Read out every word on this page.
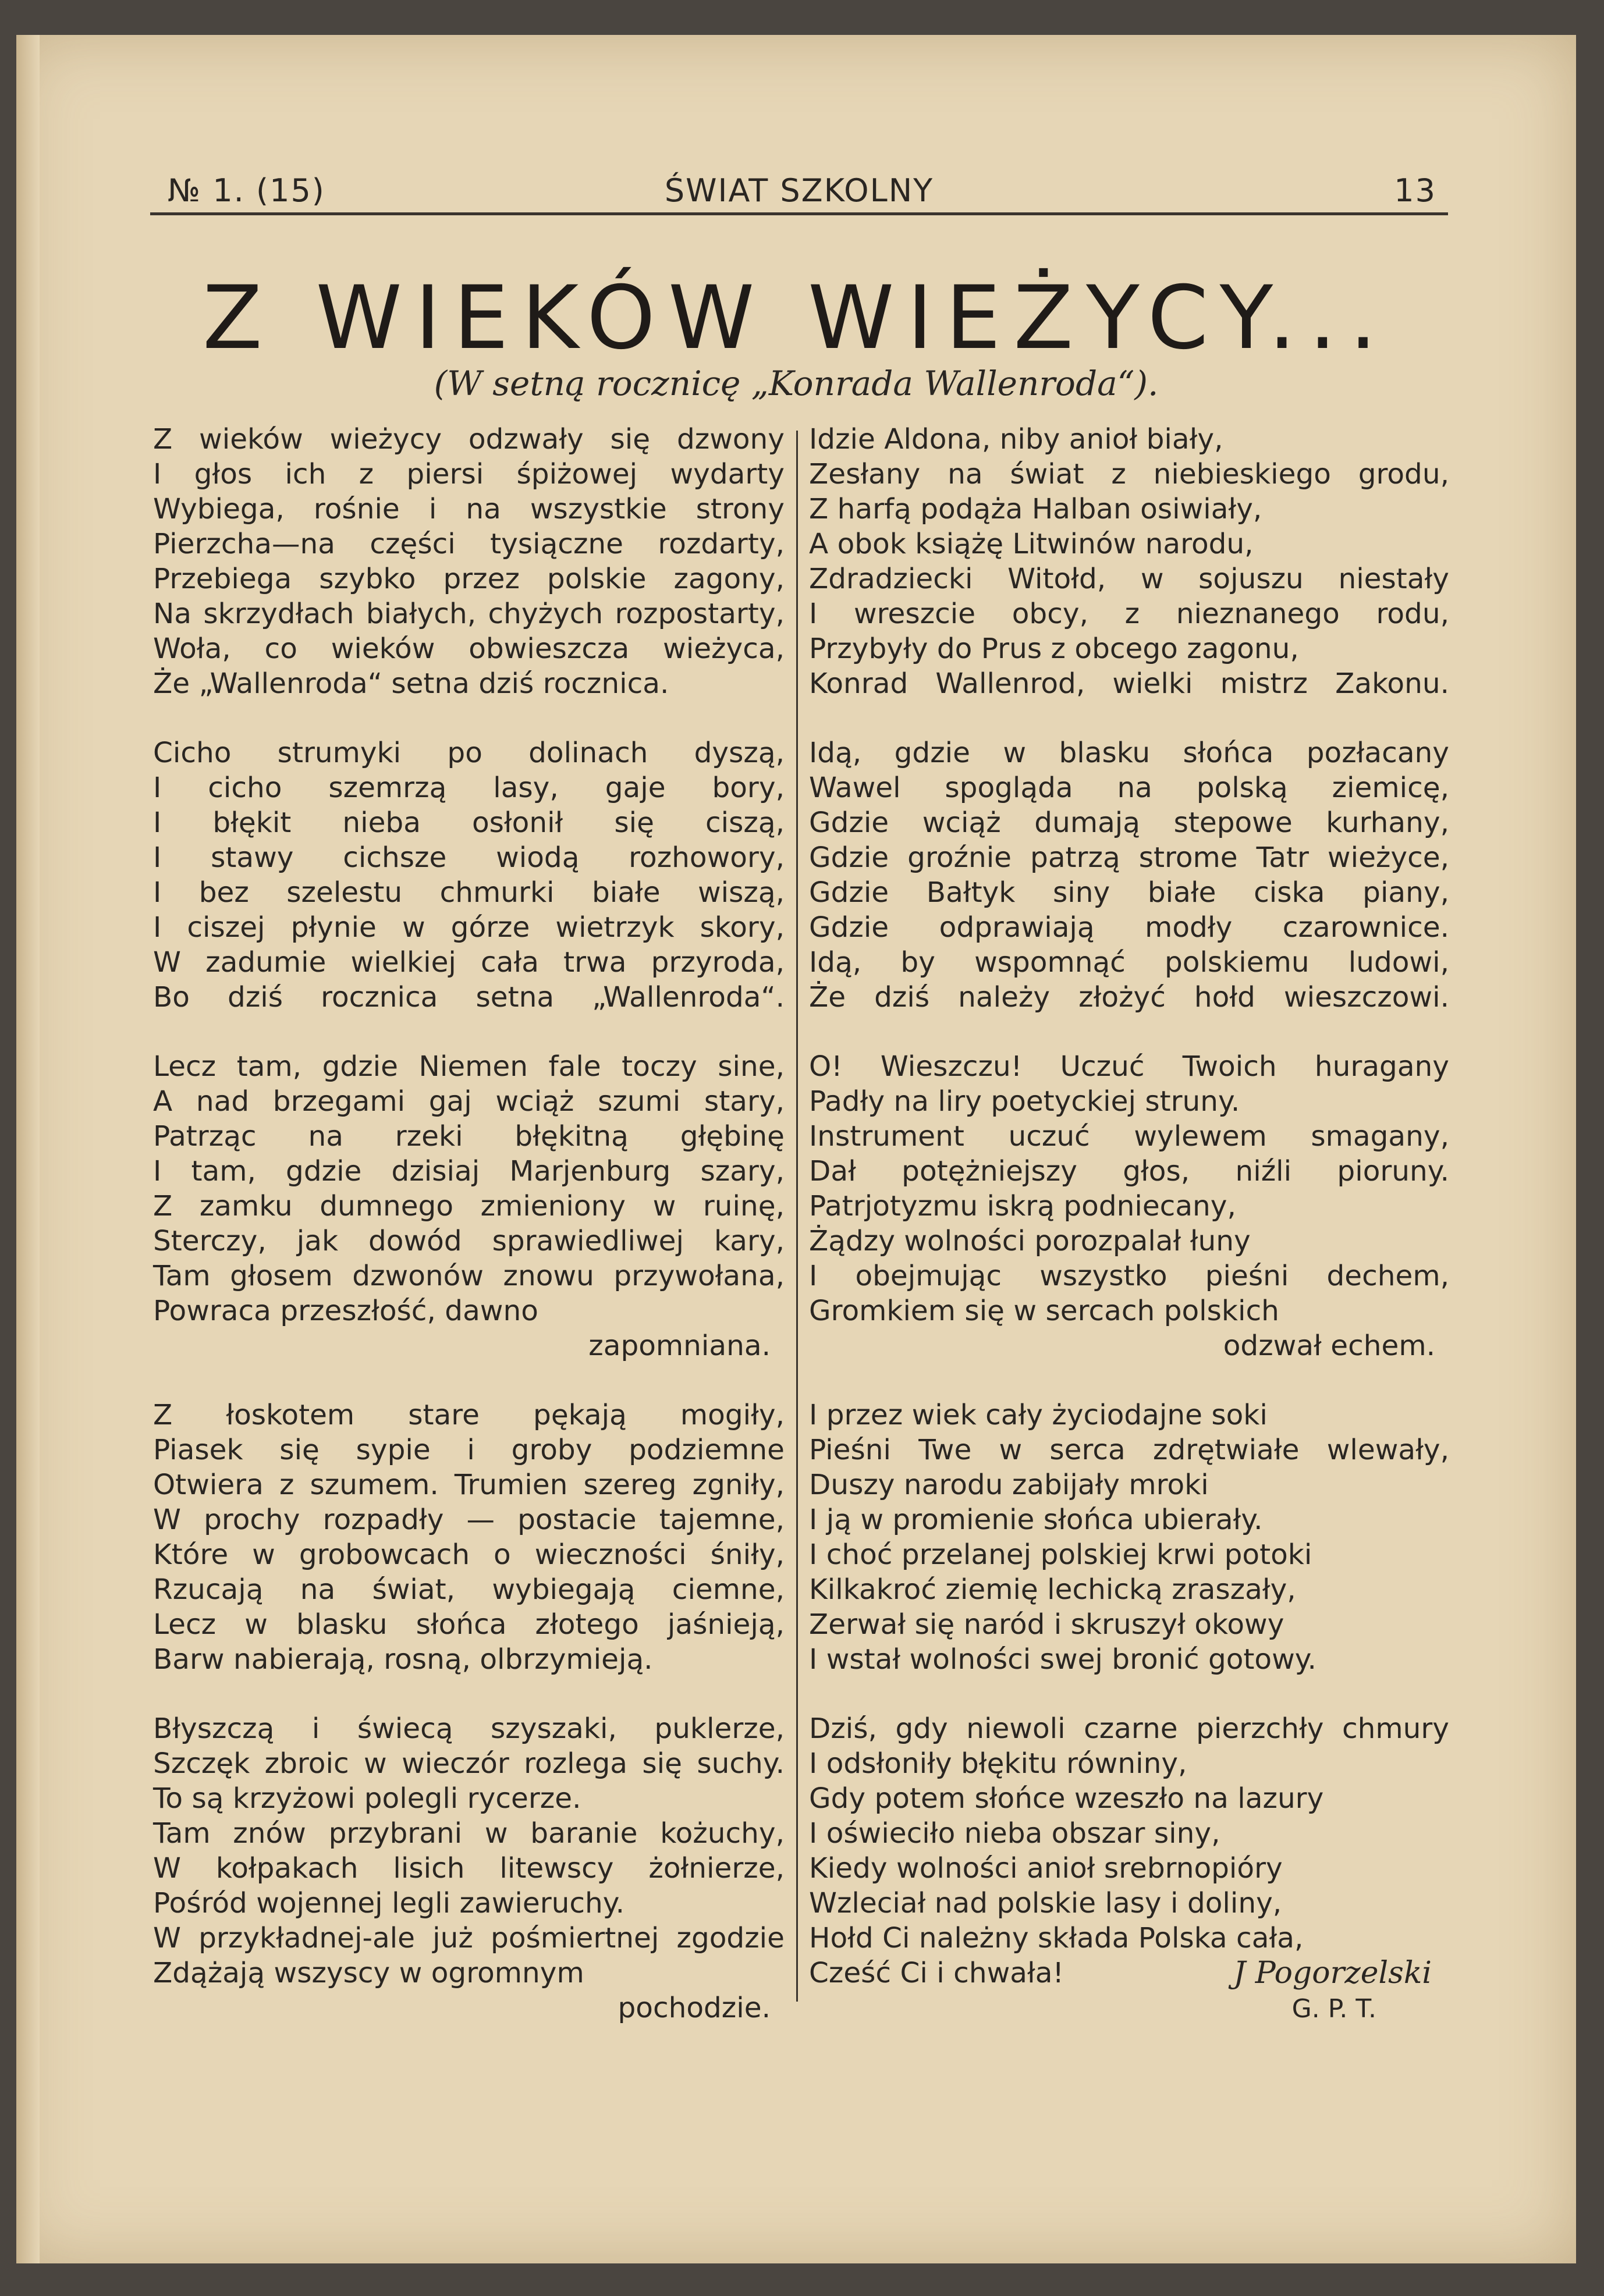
№ 1. (15)	ŚWIAT SZKOLNY	13
Z WIEKÓW WIEŻYCY...
(W setną rocznicę „Konrada Wallenroda“).
Z wieków wieżycy odzwały się dzwony
I głos ich z piersi śpiżowej wydarty
Wybiega, rośnie i na wszystkie strony
Pierzcha—na części tysiączne rozdarty,
Przebiega szybko przez polskie zagony,
Na skrzydłach białych, chyżych rozpostarty,
Woła, co wieków obwieszcza wieżyca,
Że „Wallenroda“ setna dziś rocznica.
Cicho strumyki po dolinach dyszą,
I cicho szemrzą lasy, gaje bory,
I błękit nieba osłonił się ciszą,
I stawy cichsze wiodą rozhowory,
I bez szelestu chmurki białe wiszą,
I ciszej płynie w górze wietrzyk skory,
W zadumie wielkiej cała trwa przyroda,
Bo dziś rocznica setna „Wallenroda“.
Lecz tam, gdzie Niemen fale toczy sine,
A nad brzegami gaj wciąż szumi stary,
Patrząc na rzeki błękitną głębinę
I tam, gdzie dzisiaj Marjenburg szary,
Z zamku dumnego zmieniony w ruinę,
Sterczy, jak dowód sprawiedliwej kary,
Tam głosem dzwonów znowu przywołana,
Powraca przeszłość, dawno
zapomniana.
Z łoskotem stare pękają mogiły,
Piasek się sypie i groby podziemne
Otwiera z szumem. Trumien szereg zgniły,
W prochy rozpadły — postacie tajemne,
Które w grobowcach o wieczności śniły,
Rzucają na świat, wybiegają ciemne,
Lecz w blasku słońca złotego jaśnieją,
Barw nabierają, rosną, olbrzymieją.
Błyszczą i świecą szyszaki, puklerze,
Szczęk zbroic w wieczór rozlega się suchy.
To są krzyżowi polegli rycerze.
Tam znów przybrani w baranie kożuchy,
W kołpakach lisich litewscy żołnierze,
Pośród wojennej legli zawieruchy.
W przykładnej-ale już pośmiertnej zgodzie
Zdążają wszyscy w ogromnym
pochodzie.
Idzie Aldona, niby anioł biały,
Zesłany na świat z niebieskiego grodu,
Z harfą podąża Halban osiwiały,
A obok książę Litwinów narodu,
Zdradziecki Witołd, w sojuszu niestały
I wreszcie obcy, z nieznanego rodu,
Przybyły do Prus z obcego zagonu,
Konrad Wallenrod, wielki mistrz Zakonu.
Idą, gdzie w blasku słońca pozłacany
Wawel spogląda na polską ziemicę,
Gdzie wciąż dumają stepowe kurhany,
Gdzie groźnie patrzą strome Tatr wieżyce,
Gdzie Bałtyk siny białe ciska piany,
Gdzie odprawiają modły czarownice.
Idą, by wspomnąć polskiemu ludowi,
Że dziś należy złożyć hołd wieszczowi.
O! Wieszczu! Uczuć Twoich huragany
Padły na liry poetyckiej struny.
Instrument uczuć wylewem smagany,
Dał potężniejszy głos, niźli pioruny.
Patrjotyzmu iskrą podniecany,
Żądzy wolności porozpalał łuny
I obejmując wszystko pieśni dechem,
Gromkiem się w sercach polskich
odzwał echem.
I przez wiek cały życiodajne soki
Pieśni Twe w serca zdrętwiałe wlewały,
Duszy narodu zabijały mroki
I ją w promienie słońca ubierały.
I choć przelanej polskiej krwi potoki
Kilkakroć ziemię lechicką zraszały,
Zerwał się naród i skruszył okowy
I wstał wolności swej bronić gotowy.
Dziś, gdy niewoli czarne pierzchły chmury
I odsłoniły błękitu równiny,
Gdy potem słońce wzeszło na lazury
I oświeciło nieba obszar siny,
Kiedy wolności anioł srebrnopióry
Wzleciał nad polskie lasy i doliny,
Hołd Ci należny składa Polska cała,
Cześć Ci i chwała!	J Pogorzelski
G. P. T.
